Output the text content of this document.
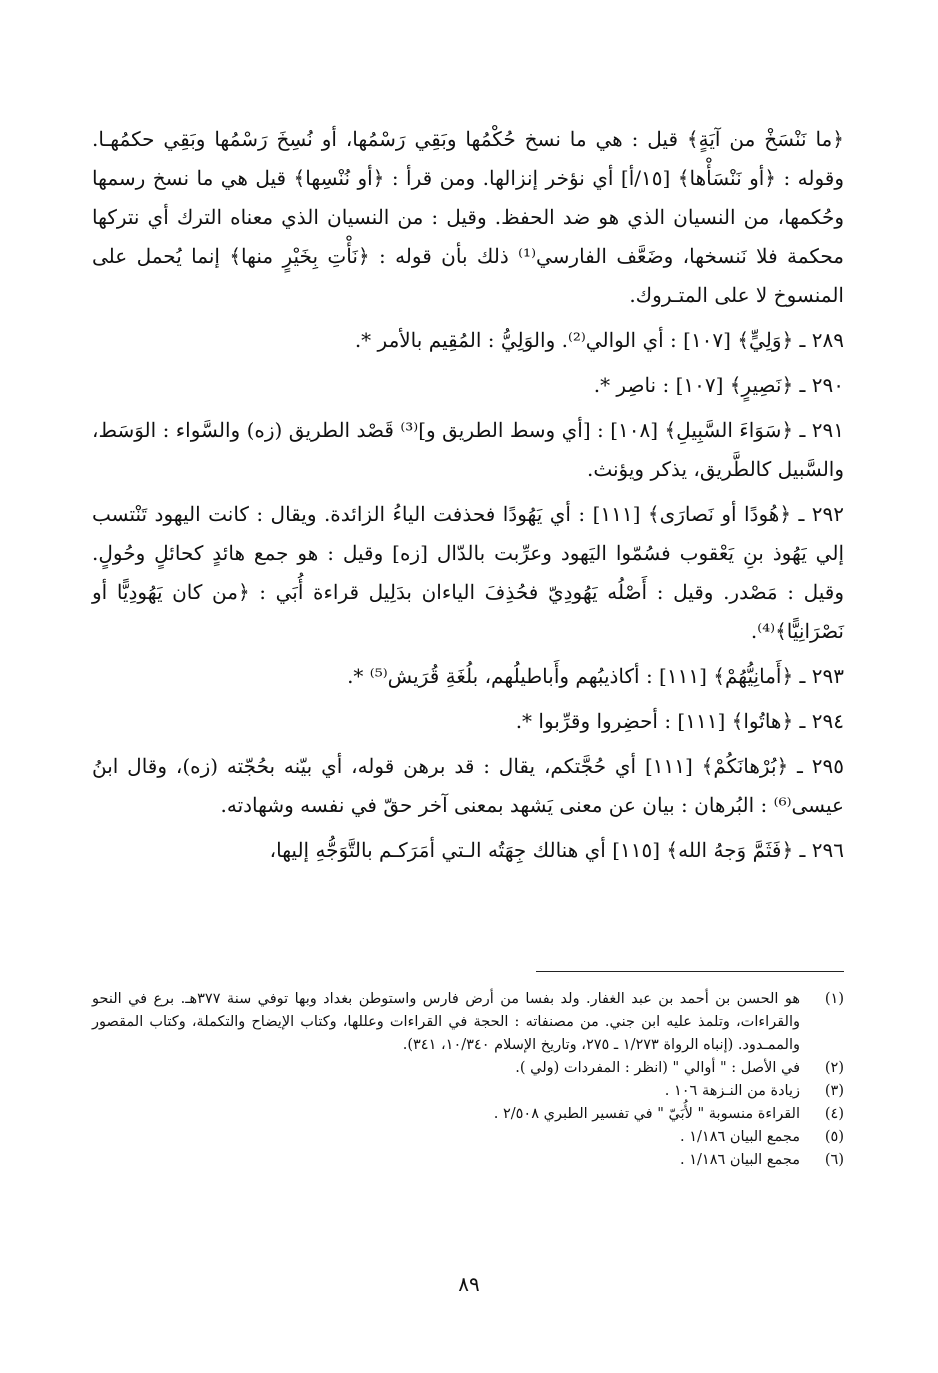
﴿ما نَنْسَخْ من آيَةٍ﴾ قيل : هي ما نسخ حُكْمُها وبَقِي رَسْمُها، أو نُسِخَ رَسْمُها وبَقِي حكمُهـا. وقوله : ﴿أو نَنْسَأْها﴾ [١٥/أ] أي نؤخر إنزالها. ومن قرأ : ﴿أو نُنْسِها﴾ قيل هي ما نسخ رسمها وحُكمها، من النسيان الذي هو ضد الحفظ. وقيل : من النسيان الذي معناه الترك أي نتركها محكمة فلا نَنسخها، وضَعَّف الفارسي⁽¹⁾ ذلك بأن قوله : ﴿نَأْتِ بِخَيْرٍ منها﴾ إنما يُحمل على المنسوخ لا على المتـروك.

٢٨٩ ـ ﴿وَلِيٍّ﴾ [١٠٧] : أي الوالي⁽²⁾. والوَلِيُّ : المُقِيم بالأمر *.

٢٩٠ ـ ﴿نَصِيرٍ﴾ [١٠٧] : ناصِر *.

٢٩١ ـ ﴿سَوَاءَ السَّبِيلِ﴾ [١٠٨] : [أي وسط الطريق و]⁽³⁾ قَصْد الطريق (زه) والسَّواء : الوَسَط، والسَّبيل كالطَّريق، يذكر ويؤنث.

٢٩٢ ـ ﴿هُودًا أو نَصارَى﴾ [١١١] : أي يَهُودًا فحذفت الياءُ الزائدة. ويقال : كانت اليهود تَنْتسب إلي يَهُوذ بنِ يَعْقوب فسُمّوا اليَهود وعرِّبت بالدّال [زه] وقيل : هو جمع هائدٍ كحائلٍ وحُولٍ. وقيل : مَصْدر. وقيل : أَصْلُه يَهُودِيّ فحُذِفَ الياءان بدَلِيل قراءة أُبَي : ﴿من كان يَهُودِيًّا أو نَصْرَانِيًّا﴾⁽⁴⁾.

٢٩٣ ـ ﴿أَمانِيُّهُمْ﴾ [١١١] : أكاذيبُهم وأَباطيلُهم، بلُغَةِ قُرَيش⁽⁵⁾ *.

٢٩٤ ـ ﴿هاتُوا﴾ [١١١] : أحضِروا وقرِّبوا *.

٢٩٥ ـ ﴿بُرْهانَكُمْ﴾ [١١١] أي حُجَّتكم، يقال : قد برهن قوله، أي بيّنه بحُجّته (زه)، وقال ابنُ عيسى⁽⁶⁾ : البُرهان : بيان عن معنى يَشهد بمعنى آخر حقّ في نفسه وشهادته.

٢٩٦ ـ ﴿فَثَمَّ وَجهُ الله﴾ [١١٥] أي هنالك جِهَتُه الـتي أمَرَكـم بالتَّوَجُّهِ إليها،

(١)
هو الحسن بن أحمد بن عبد الغفار. ولد بفسا من أرض فارس واستوطن بغداد وبها توفي سنة ٣٧٧هـ. برع في النحو والقراءات، وتلمذ عليه ابن جني. من مصنفاته : الحجة في القراءات وعللها، وكتاب الإيضاح والتكملة، وكتاب المقصور والممـدود. (إنباه الرواة ١/٢٧٣ ـ ٢٧٥، وتاريخ الإسلام ١٠/٣٤٠، ٣٤١).
(٢)
في الأصل : " أوالي " (انظر : المفردات (ولي ).
(٣)
زيادة من النـزهة ١٠٦ .
(٤)
القراءة منسوبة " لأُبَيّ " في تفسير الطبري ٢/٥٠٨ .
(٥)
مجمع البيان ١/١٨٦ .
(٦)
مجمع البيان ١/١٨٦ .
٨٩
